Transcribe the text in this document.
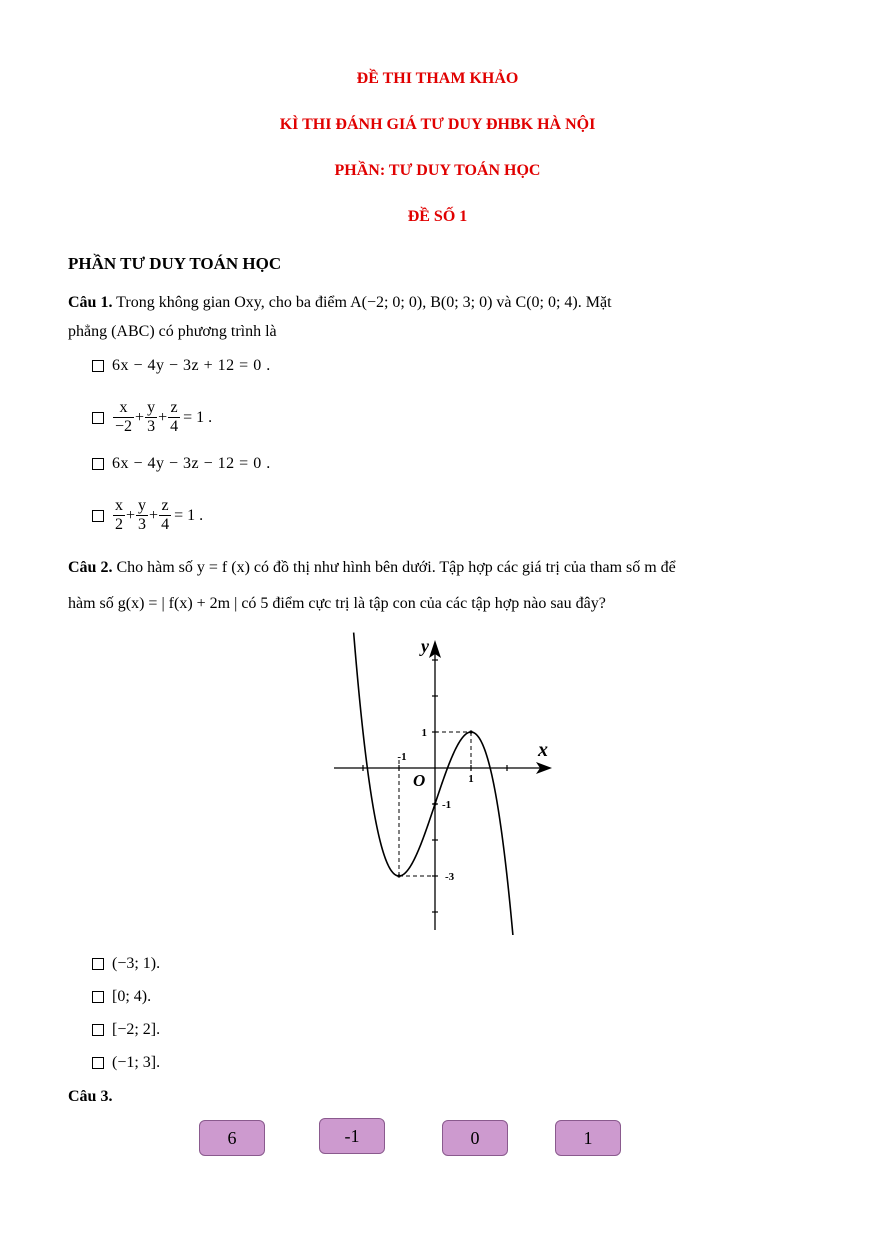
ĐỀ THI THAM KHẢO
KÌ THI ĐÁNH GIÁ TƯ DUY ĐHBK HÀ NỘI
PHẦN: TƯ DUY TOÁN HỌC
ĐỀ SỐ 1
PHẦN TƯ DUY TOÁN HỌC
Câu 1. Trong không gian Oxy, cho ba điểm A(−2; 0; 0), B(0; 3; 0) và C(0; 0; 4). Mặt
phẳng (ABC) có phương trình là
6x − 4y − 3z + 12 = 0 .
$\frac{x}{-2} + \frac{y}{3} + \frac{z}{4} = 1$ .
6x − 4y − 3z − 12 = 0 .
$\frac{x}{2} + \frac{y}{3} + \frac{z}{4} = 1$ .
Câu 2. Cho hàm số y = f (x) có đồ thị như hình bên dưới. Tập hợp các giá trị của tham số m để
hàm số g(x) = | f(x) + 2m | có 5 điểm cực trị là tập con của các tập hợp nào sau đây?
y
x
O
-1
1
1
-1
-3
(−3; 1).
[0; 4).
[−2; 2].
(−1; 3].
Câu 3.
6	-1	0	1
